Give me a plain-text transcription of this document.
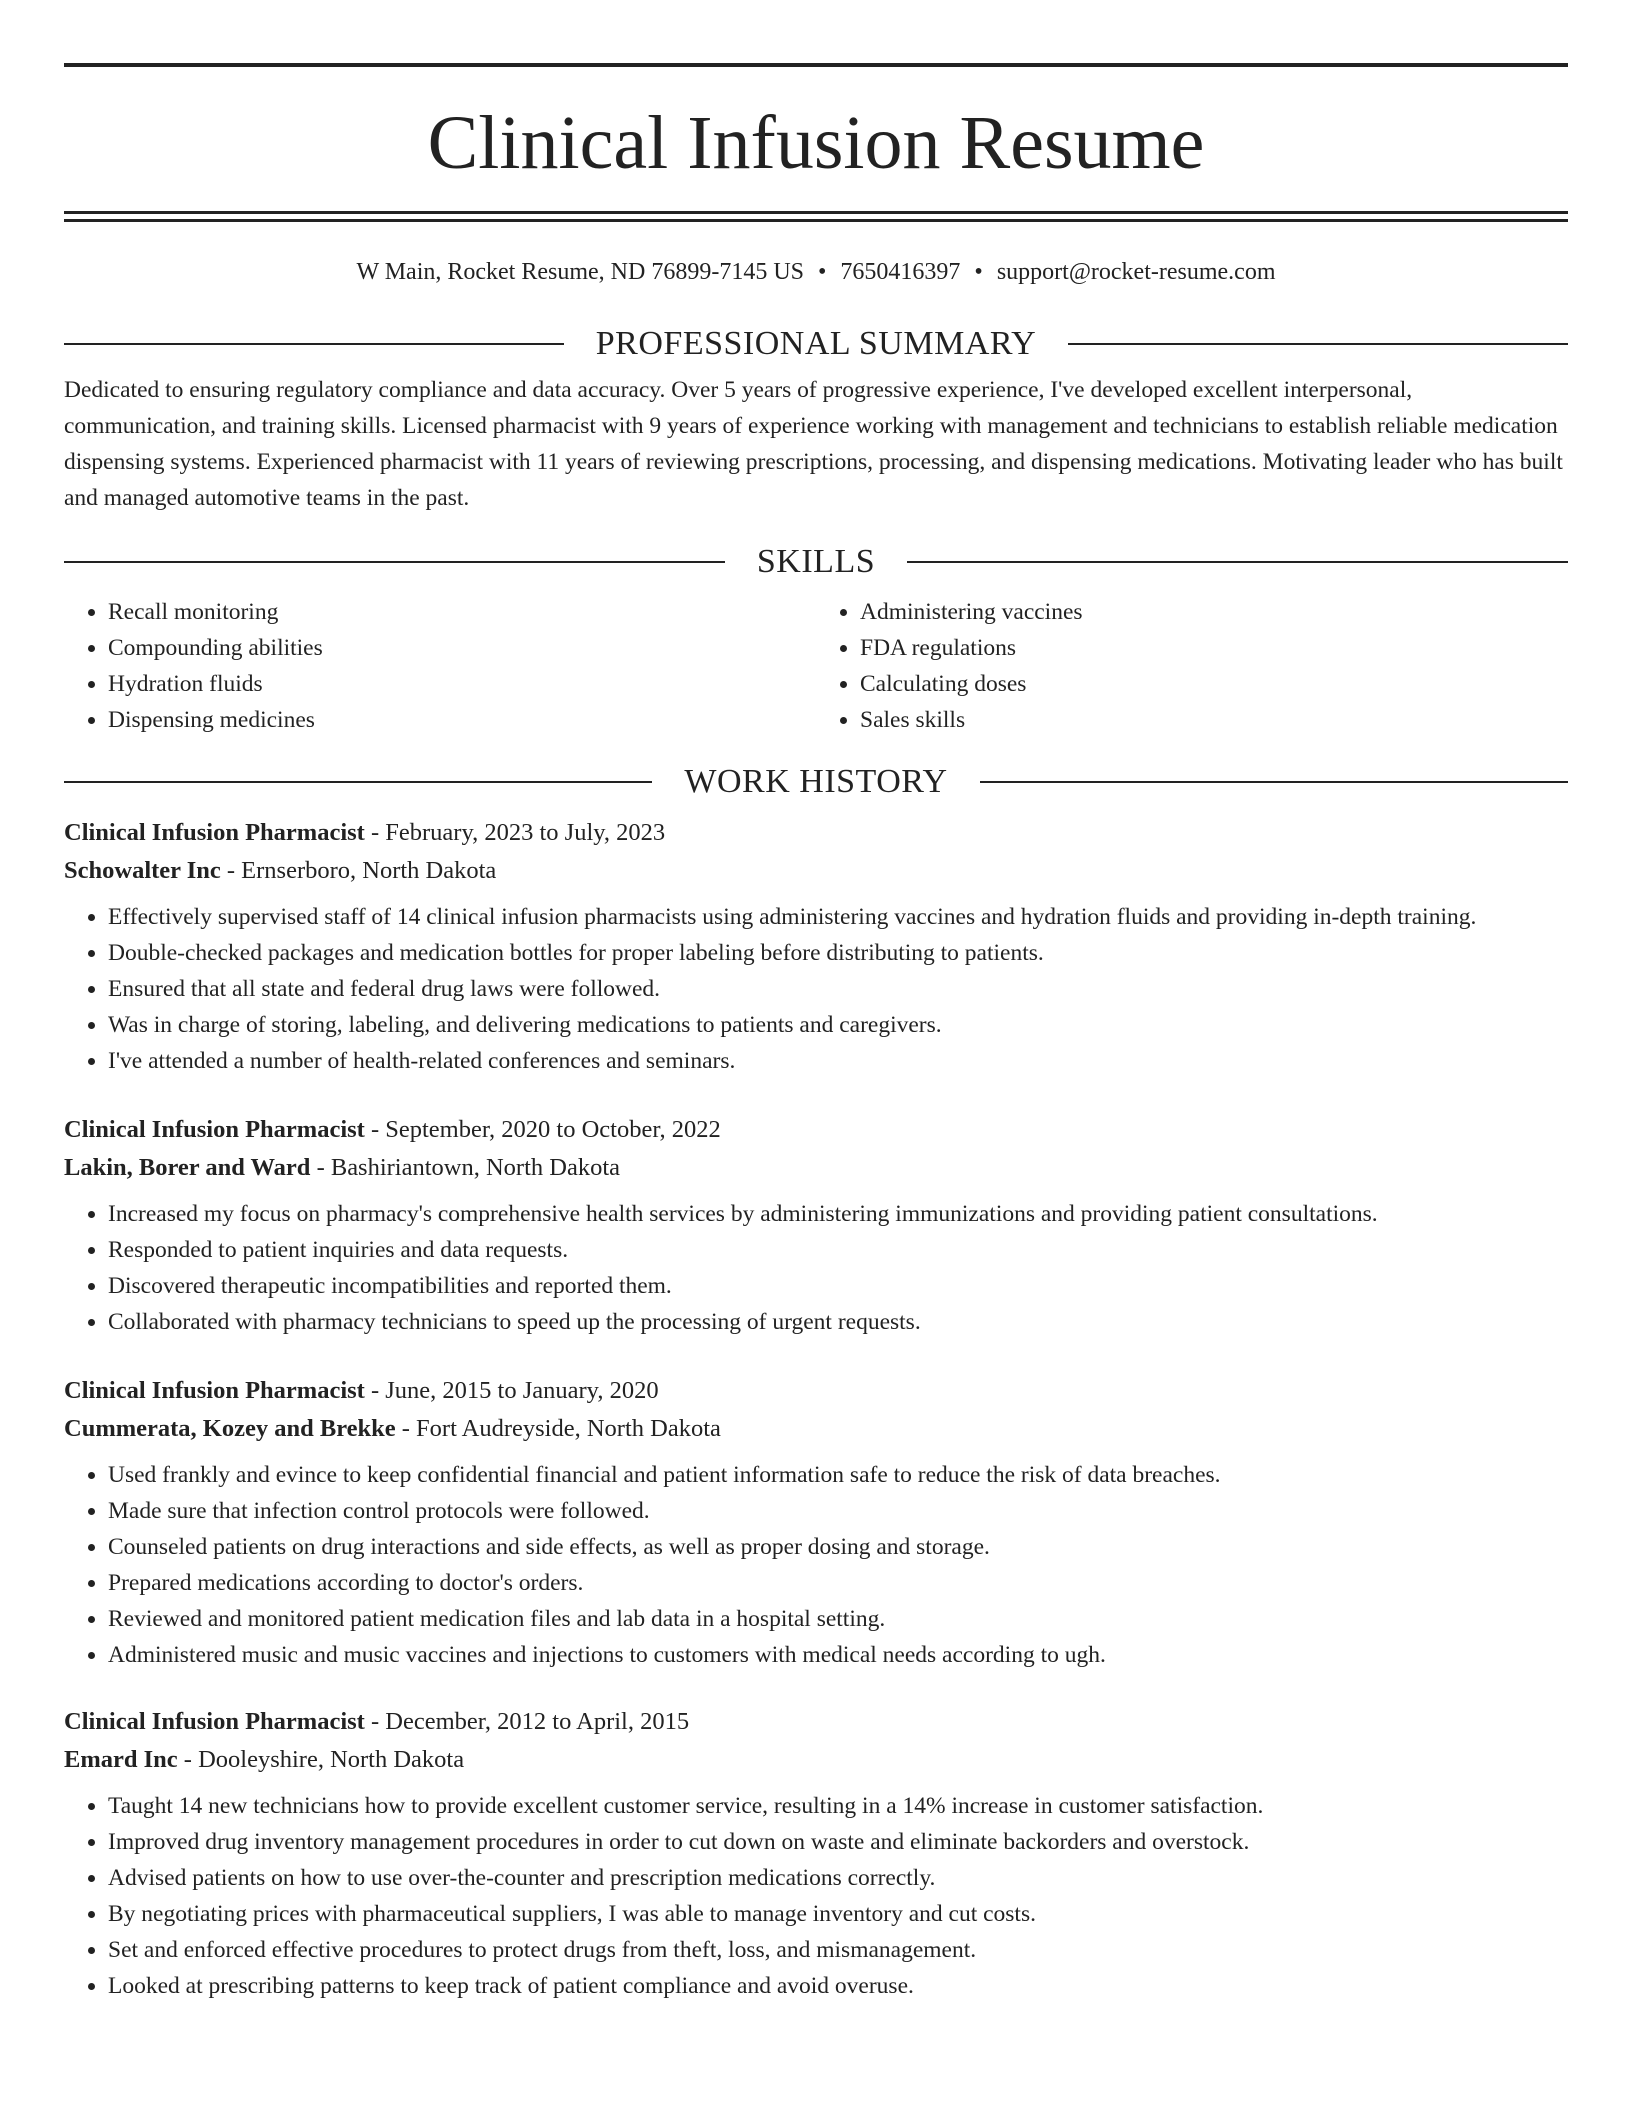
Clinical Infusion Resume
W Main, Rocket Resume, ND 76899-7145 US • 7650416397 • support@rocket-resume.com
PROFESSIONAL SUMMARY
Dedicated to ensuring regulatory compliance and data accuracy. Over 5 years of progressive experience, I've developed excellent interpersonal, communication, and training skills. Licensed pharmacist with 9 years of experience working with management and technicians to establish reliable medication dispensing systems. Experienced pharmacist with 11 years of reviewing prescriptions, processing, and dispensing medications. Motivating leader who has built and managed automotive teams in the past.
SKILLS
• Recall monitoring
• Compounding abilities
• Hydration fluids
• Dispensing medicines
• Administering vaccines
• FDA regulations
• Calculating doses
• Sales skills
WORK HISTORY
Clinical Infusion Pharmacist - February, 2023 to July, 2023
Schowalter Inc - Ernserboro, North Dakota
• Effectively supervised staff of 14 clinical infusion pharmacists using administering vaccines and hydration fluids and providing in-depth training.
• Double-checked packages and medication bottles for proper labeling before distributing to patients.
• Ensured that all state and federal drug laws were followed.
• Was in charge of storing, labeling, and delivering medications to patients and caregivers.
• I've attended a number of health-related conferences and seminars.
Clinical Infusion Pharmacist - September, 2020 to October, 2022
Lakin, Borer and Ward - Bashiriantown, North Dakota
• Increased my focus on pharmacy's comprehensive health services by administering immunizations and providing patient consultations.
• Responded to patient inquiries and data requests.
• Discovered therapeutic incompatibilities and reported them.
• Collaborated with pharmacy technicians to speed up the processing of urgent requests.
Clinical Infusion Pharmacist - June, 2015 to January, 2020
Cummerata, Kozey and Brekke - Fort Audreyside, North Dakota
• Used frankly and evince to keep confidential financial and patient information safe to reduce the risk of data breaches.
• Made sure that infection control protocols were followed.
• Counseled patients on drug interactions and side effects, as well as proper dosing and storage.
• Prepared medications according to doctor's orders.
• Reviewed and monitored patient medication files and lab data in a hospital setting.
• Administered music and music vaccines and injections to customers with medical needs according to ugh.
Clinical Infusion Pharmacist - December, 2012 to April, 2015
Emard Inc - Dooleyshire, North Dakota
• Taught 14 new technicians how to provide excellent customer service, resulting in a 14% increase in customer satisfaction.
• Improved drug inventory management procedures in order to cut down on waste and eliminate backorders and overstock.
• Advised patients on how to use over-the-counter and prescription medications correctly.
• By negotiating prices with pharmaceutical suppliers, I was able to manage inventory and cut costs.
• Set and enforced effective procedures to protect drugs from theft, loss, and mismanagement.
• Looked at prescribing patterns to keep track of patient compliance and avoid overuse.
